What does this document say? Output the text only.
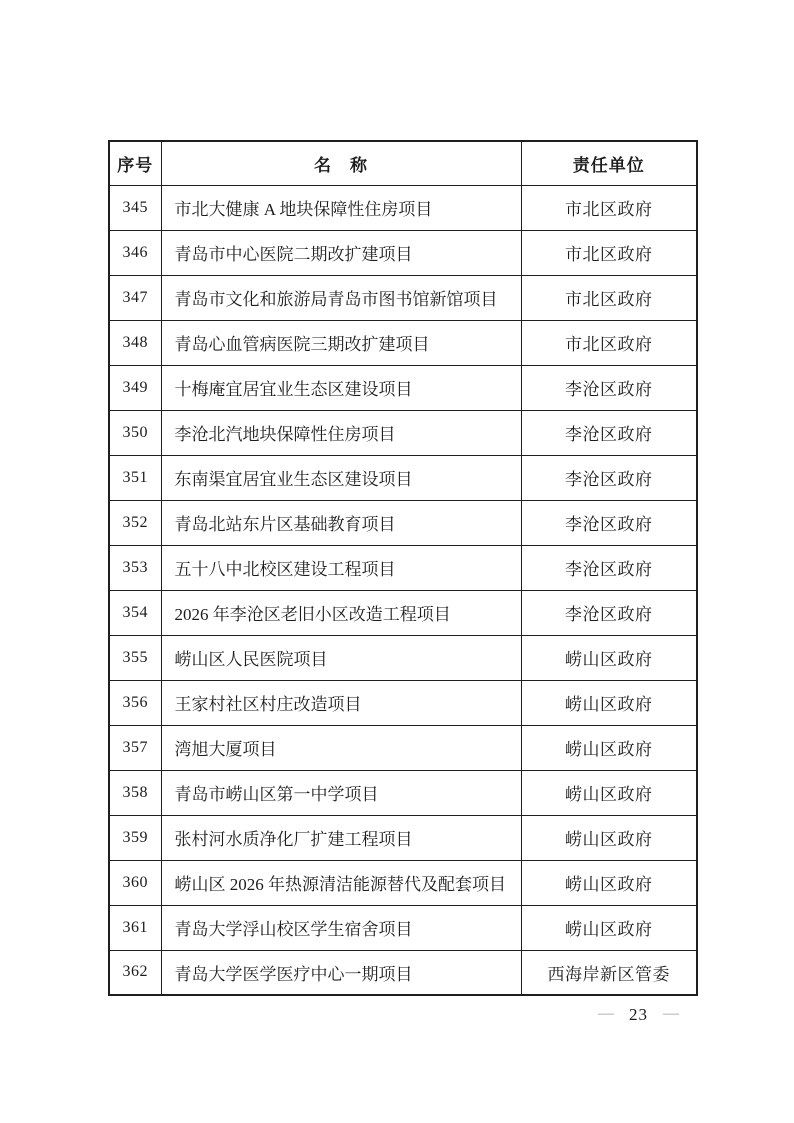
序号	名　称	责任单位
345	市北大健康 A 地块保障性住房项目	市北区政府
346	青岛市中心医院二期改扩建项目	市北区政府
347	青岛市文化和旅游局青岛市图书馆新馆项目	市北区政府
348	青岛心血管病医院三期改扩建项目	市北区政府
349	十梅庵宜居宜业生态区建设项目	李沧区政府
350	李沧北汽地块保障性住房项目	李沧区政府
351	东南渠宜居宜业生态区建设项目	李沧区政府
352	青岛北站东片区基础教育项目	李沧区政府
353	五十八中北校区建设工程项目	李沧区政府
354	2026 年李沧区老旧小区改造工程项目	李沧区政府
355	崂山区人民医院项目	崂山区政府
356	王家村社区村庄改造项目	崂山区政府
357	湾旭大厦项目	崂山区政府
358	青岛市崂山区第一中学项目	崂山区政府
359	张村河水质净化厂扩建工程项目	崂山区政府
360	崂山区 2026 年热源清洁能源替代及配套项目	崂山区政府
361	青岛大学浮山校区学生宿舍项目	崂山区政府
362	青岛大学医学医疗中心一期项目	西海岸新区管委
— 23 —
